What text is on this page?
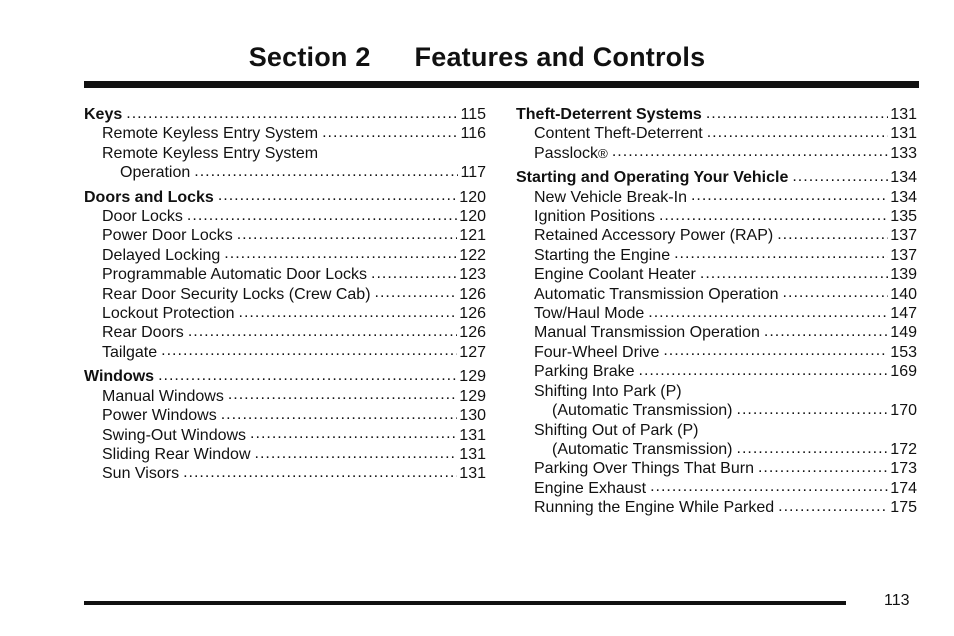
Section 2 Features and Controls
Keys .....	115
Remote Keyless Entry System .....	116
Remote Keyless Entry System
Operation .....	117
Doors and Locks .....	120
Door Locks .....	120
Power Door Locks .....	121
Delayed Locking .....	122
Programmable Automatic Door Locks .....	123
Rear Door Security Locks (Crew Cab) .....	126
Lockout Protection .....	126
Rear Doors .....	126
Tailgate .....	127
Windows .....	129
Manual Windows .....	129
Power Windows .....	130
Swing-Out Windows .....	131
Sliding Rear Window .....	131
Sun Visors .....	131
Theft-Deterrent Systems .....	131
Content Theft-Deterrent .....	131
Passlock ® .....	133
Starting and Operating Your Vehicle .....	134
New Vehicle Break-In .....	134
Ignition Positions .....	135
Retained Accessory Power (RAP) .....	137
Starting the Engine .....	137
Engine Coolant Heater .....	139
Automatic Transmission Operation .....	140
Tow/Haul Mode .....	147
Manual Transmission Operation .....	149
Four-Wheel Drive .....	153
Parking Brake .....	169
Shifting Into Park (P)
(Automatic Transmission) .....	170
Shifting Out of Park (P)
(Automatic Transmission) .....	172
Parking Over Things That Burn .....	173
Engine Exhaust .....	174
Running the Engine While Parked .....	175
113
